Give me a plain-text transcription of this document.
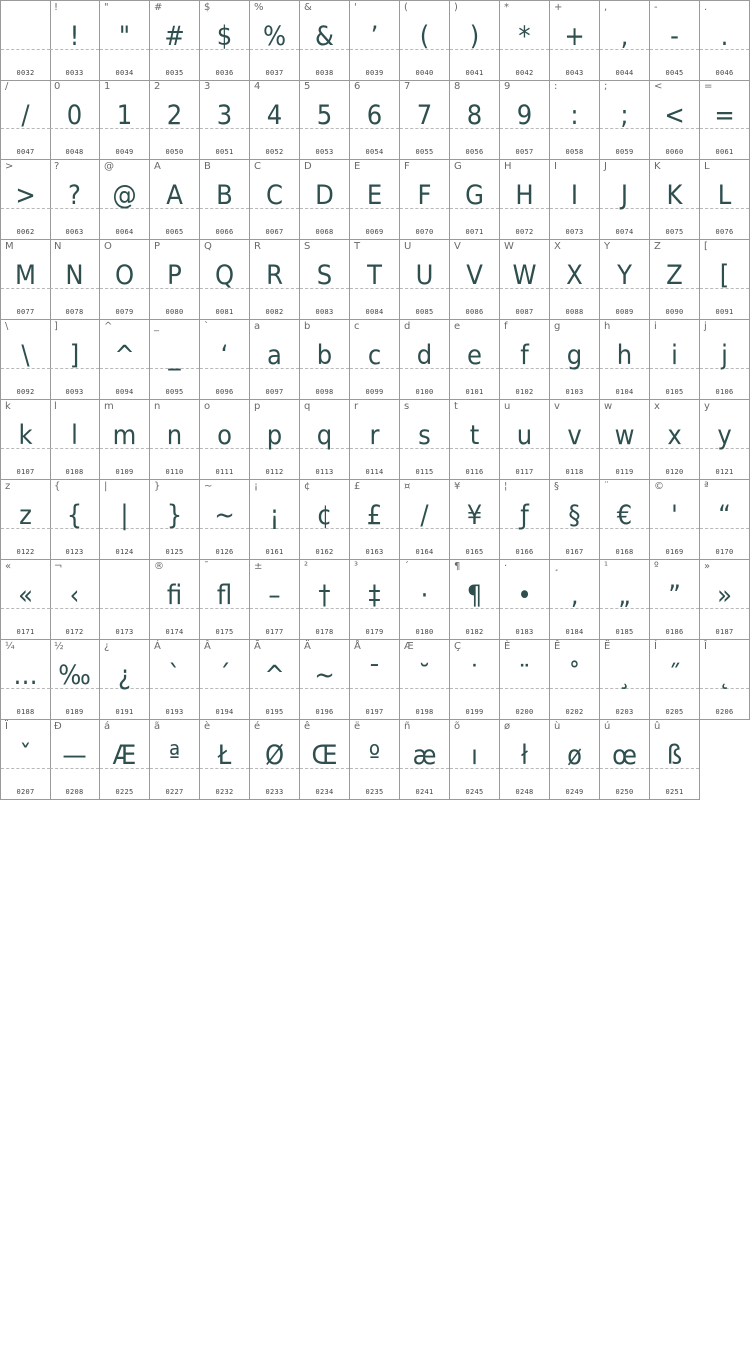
0032
!
!
0033
"
"
0034
#
#
0035
$
$
0036
%
%
0037
&
&
0038
'
’
0039
(
(
0040
)
)
0041
*
*
0042
+
+
0043
,
,
0044
-
-
0045
.
.
0046
/
/
0047
0
0
0048
1
1
0049
2
2
0050
3
3
0051
4
4
0052
5
5
0053
6
6
0054
7
7
0055
8
8
0056
9
9
0057
:
:
0058
;
;
0059
<
<
0060
=
=
0061
>
>
0062
?
?
0063
@
@
0064
A
A
0065
B
B
0066
C
C
0067
D
D
0068
E
E
0069
F
F
0070
G
G
0071
H
H
0072
I
I
0073
J
J
0074
K
K
0075
L
L
0076
M
M
0077
N
N
0078
O
O
0079
P
P
0080
Q
Q
0081
R
R
0082
S
S
0083
T
T
0084
U
U
0085
V
V
0086
W
W
0087
X
X
0088
Y
Y
0089
Z
Z
0090
[
[
0091
\
\
0092
]
]
0093
^
^
0094
_
_
0095
`
‘
0096
a
a
0097
b
b
0098
c
c
0099
d
d
0100
e
e
0101
f
f
0102
g
g
0103
h
h
0104
i
i
0105
j
j
0106
k
k
0107
l
l
0108
m
m
0109
n
n
0110
o
o
0111
p
p
0112
q
q
0113
r
r
0114
s
s
0115
t
t
0116
u
u
0117
v
v
0118
w
w
0119
x
x
0120
y
y
0121
z
z
0122
{
{
0123
|
|
0124
}
}
0125
~
~
0126
¡
¡
0161
¢
¢
0162
£
£
0163
¤
/
0164
¥
¥
0165
¦
ƒ
0166
§
§
0167
¨
€
0168
©
'
0169
ª
“
0170
«
«
0171
¬
‹
0172	0173
®
fi
0174
¯
fl
0175
±
–
0177
²
†
0178
³
‡
0179
´
·
0180
¶
¶
0182
·
•
0183
¸
‚
0184
¹
„
0185
º
”
0186
»
»
0187
¼
…
0188
½
‰
0189
¿
¿
0191
Á
`
0193
Â
´
0194
Ã
^
0195
Ä
~
0196
Å
¯
0197
Æ
˘
0198
Ç
˙
0199
È
¨
0200
Ê
˚
0202
Ë
¸
0203
Í
˝
0205
Î
˛
0206
Ï
ˇ
0207
Ð
—
0208
á
Æ
0225
ã
ª
0227
è
Ł
0232
é
Ø
0233
ê
Œ
0234
ë
º
0235
ñ
æ
0241
õ
ı
0245
ø
ł
0248
ù
ø
0249
ú
œ
0250
û
ß
0251
